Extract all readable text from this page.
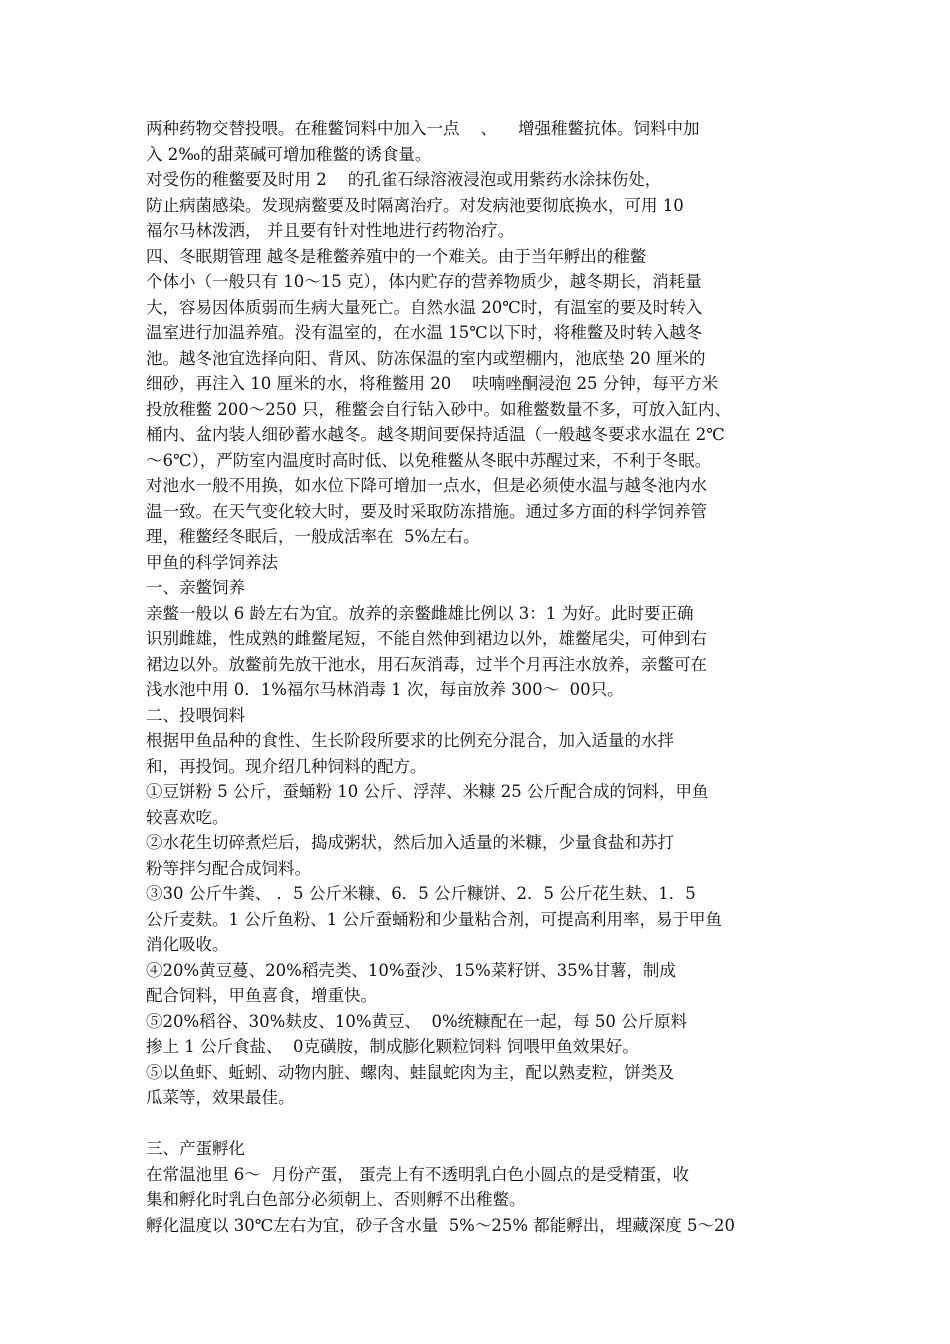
两种药物交替投喂。在稚鳖饲料中加入一点    、    增强稚鳖抗体。饲料中加
入 2‰的甜菜碱可增加稚鳖的诱食量。
对受伤的稚鳖要及时用 2    的孔雀石绿溶液浸泡或用紫药水涂抹伤处，
防止病菌感染。发现病鳖要及时隔离治疗。对发病池要彻底换水，可用 10
福尔马林泼洒， 并且要有针对性地进行药物治疗。
四、冬眠期管理 越冬是稚鳖养殖中的一个难关。由于当年孵出的稚鳖
个体小（一般只有 10～15 克），体内贮存的营养物质少，越冬期长，消耗量
大，容易因体质弱而生病大量死亡。自然水温 20℃时，有温室的要及时转入
温室进行加温养殖。没有温室的，在水温 15℃以下时，将稚鳖及时转入越冬
池。越冬池宜选择向阳、背风、防冻保温的室内或塑棚内，池底垫 20 厘米的
细砂，再注入 10 厘米的水，将稚鳖用 20    呋喃唑酮浸泡 25 分钟，每平方米
投放稚鳖 200～250 只，稚鳖会自行钻入砂中。如稚鳖数量不多，可放入缸内、
桶内、盆内装人细砂蓄水越冬。越冬期间要保持适温（一般越冬要求水温在 2℃
～6℃），严防室内温度时高时低、以免稚鳖从冬眠中苏醒过来，不利于冬眠。
对池水一般不用换，如水位下降可增加一点水，但是必须使水温与越冬池内水
温一致。在天气变化较大时，要及时采取防冻措施。通过多方面的科学饲养管
理，稚鳖经冬眠后，一般成活率在  5%左右。
甲鱼的科学饲养法
一、亲鳖饲养
亲鳖一般以 6 龄左右为宜。放养的亲鳖雌雄比例以 3：1 为好。此时要正确
识别雌雄，性成熟的雌鳖尾短，不能自然伸到裙边以外，雄鳖尾尖，可伸到右
裙边以外。放鳖前先放干池水，用石灰消毒，过半个月再注水放养，亲鳖可在
浅水池中用 0．1%福尔马林消毒 1 次，每亩放养 300～  00只。
二、投喂饲料
根据甲鱼品种的食性、生长阶段所要求的比例充分混合，加入适量的水拌
和，再投饲。现介绍几种饲料的配方。
①豆饼粉 5 公斤，蚕蛹粉 10 公斤、浮萍、米糠 25 公斤配合成的饲料，甲鱼
较喜欢吃。
②水花生切碎煮烂后，捣成粥状，然后加入适量的米糠，少量食盐和苏打
粉等拌匀配合成饲料。
③30 公斤牛粪、 ．5 公斤米糠、6．5 公斤糠饼、2．5 公斤花生麸、1．5
公斤麦麸。1 公斤鱼粉、1 公斤蚕蛹粉和少量粘合剂，可提高利用率，易于甲鱼
消化吸收。
④20%黄豆蔓、20%稻壳类、10%蚕沙、15%菜籽饼、35%甘薯，制成
配合饲料，甲鱼喜食，增重快。
⑤20%稻谷、30%麸皮、10%黄豆、  0%统糠配在一起，每 50 公斤原料
掺上 1 公斤食盐、  0克磺胺，制成膨化颗粒饲料 饲喂甲鱼效果好。
⑤以鱼虾、蚯蚓、动物内脏、螺肉、蛙鼠蛇肉为主，配以熟麦粒，饼类及
瓜菜等，效果最佳。
三、产蛋孵化
在常温池里 6～  月份产蛋， 蛋壳上有不透明乳白色小圆点的是受精蛋，收
集和孵化时乳白色部分必须朝上、否则孵不出稚鳖。
孵化温度以 30℃左右为宜，砂子含水量  5%～25% 都能孵出，埋藏深度 5～20
